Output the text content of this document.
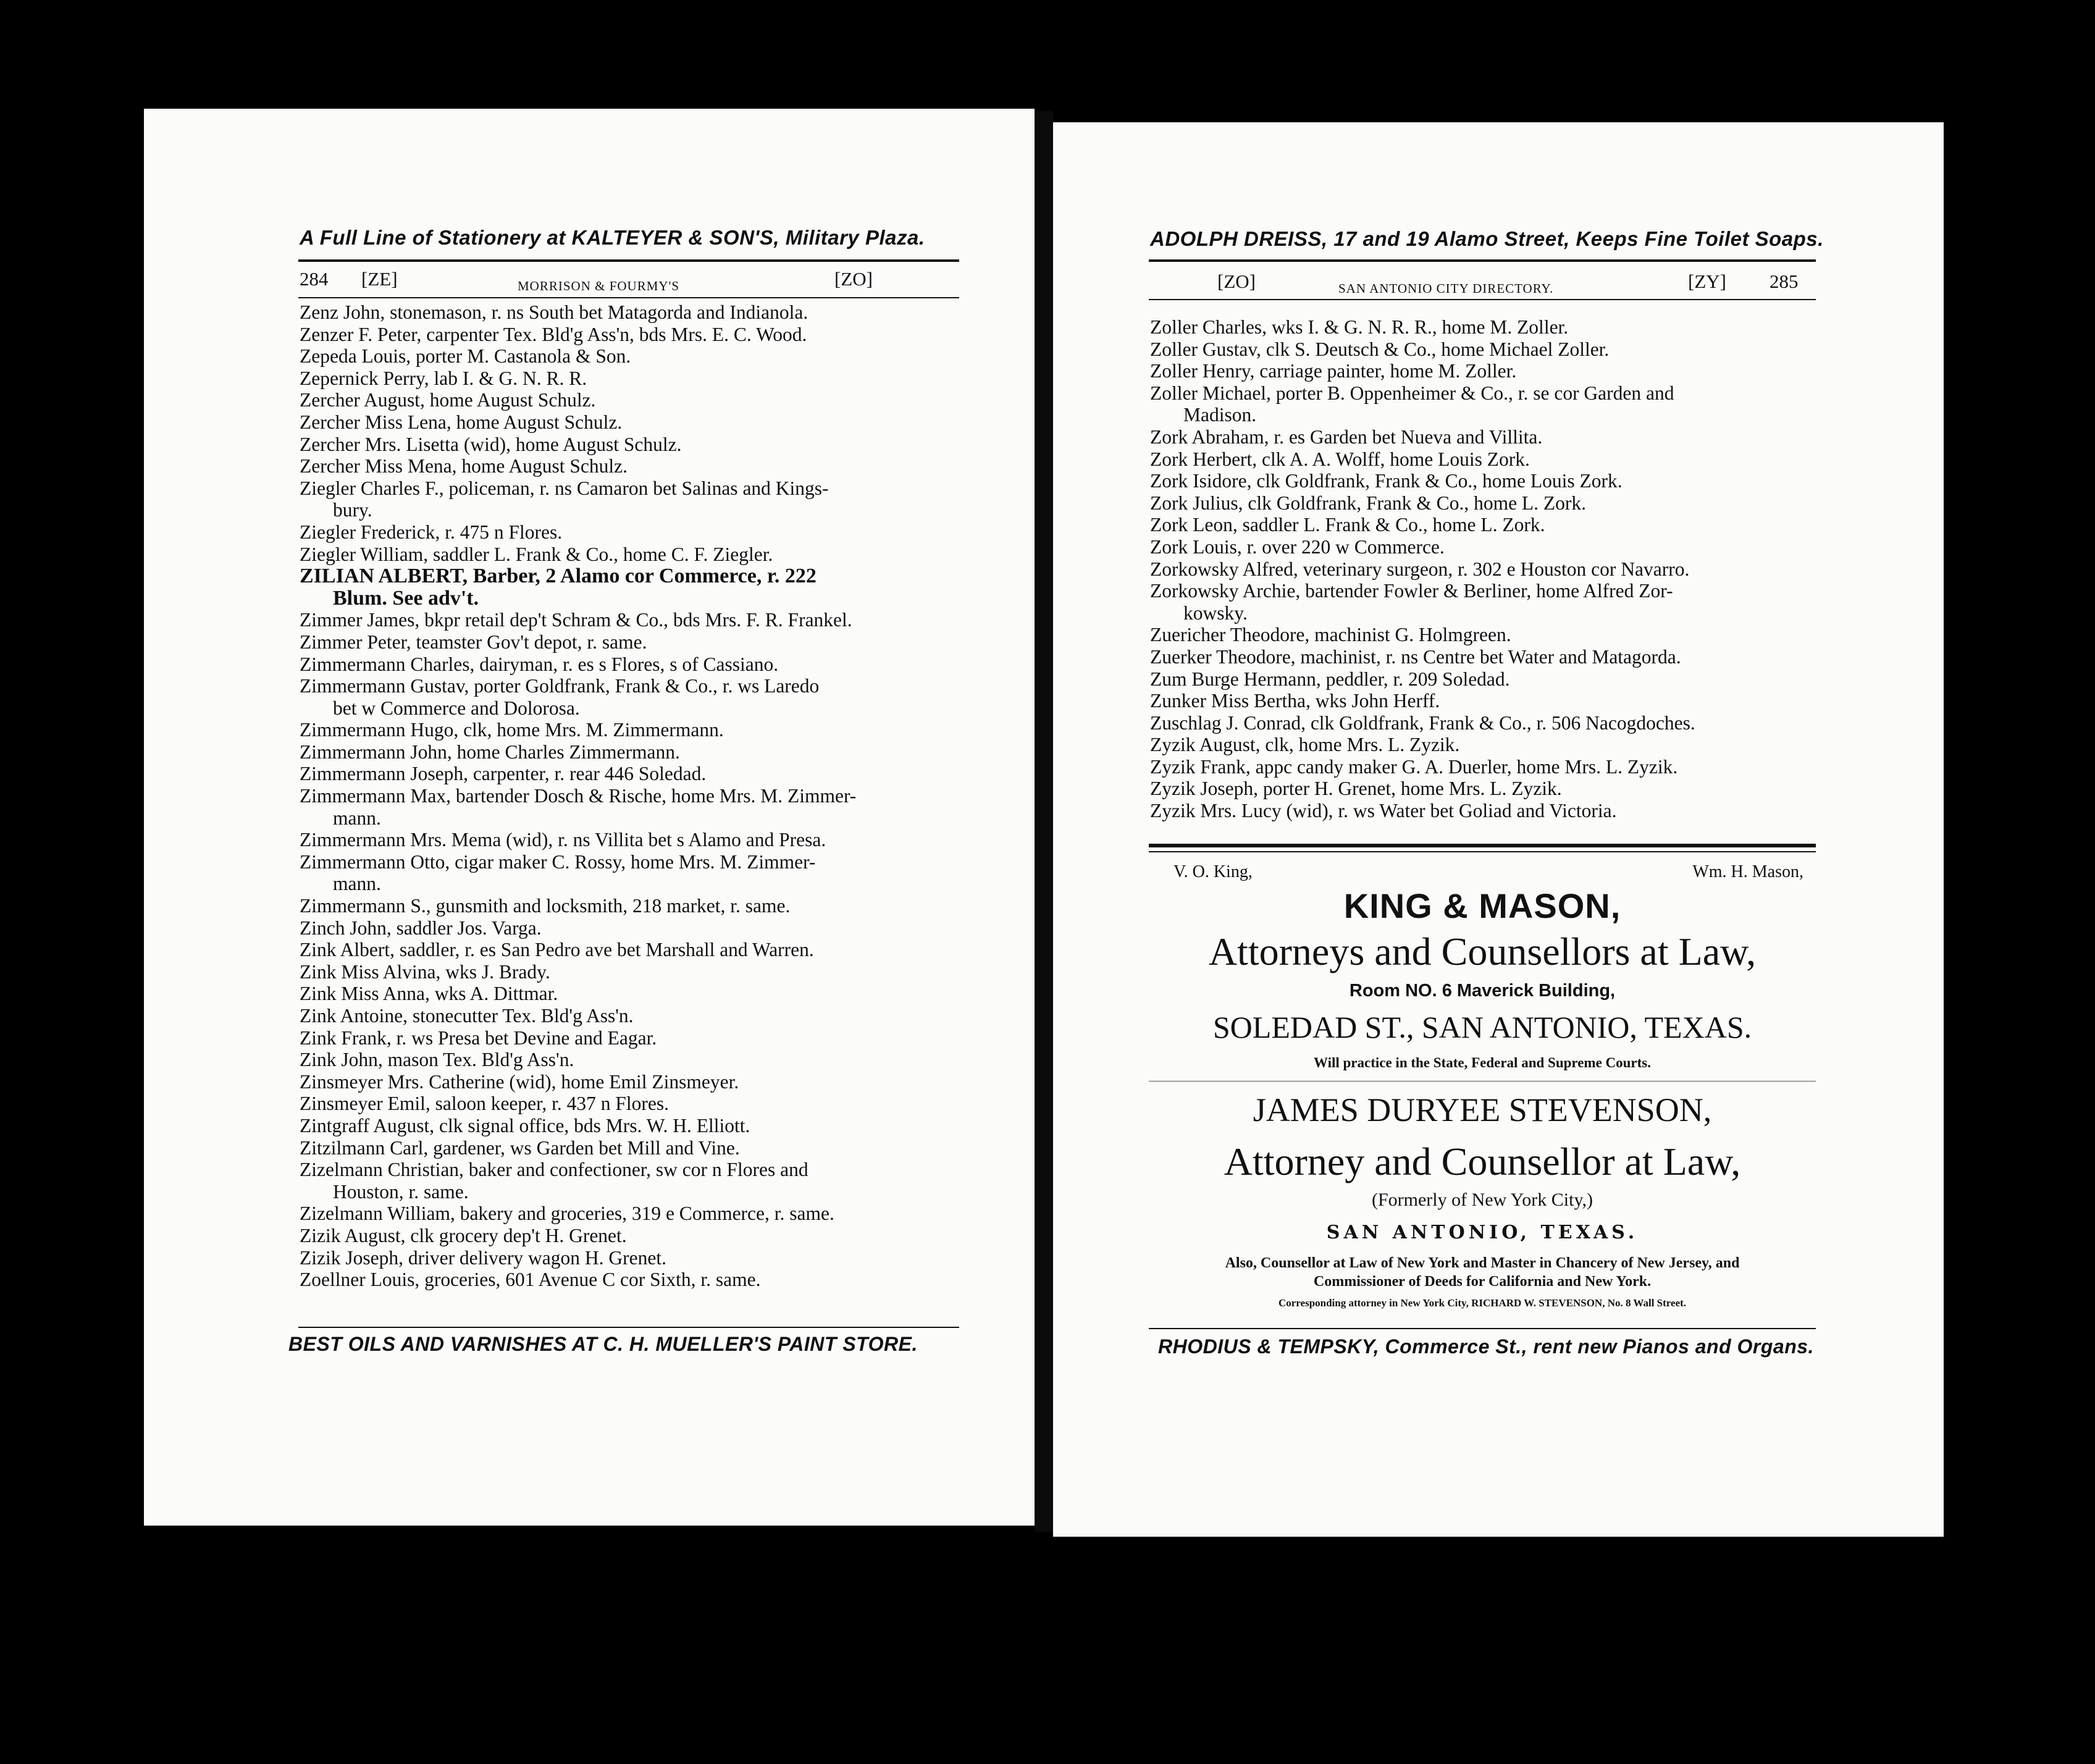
A Full Line of Stationery at KALTEYER & SON'S, Military Plaza.
284 [ZE]	MORRISON & FOURMY'S	[ZO]
Zenz John, stonemason, r. ns South bet Matagorda and Indianola.
Zenzer F. Peter, carpenter Tex. Bld'g Ass'n, bds Mrs. E. C. Wood.
Zepeda Louis, porter M. Castanola & Son.
Zepernick Perry, lab I. & G. N. R. R.
Zercher August, home August Schulz.
Zercher Miss Lena, home August Schulz.
Zercher Mrs. Lisetta (wid), home August Schulz.
Zercher Miss Mena, home August Schulz.
Ziegler Charles F., policeman, r. ns Camaron bet Salinas and Kings-
bury.
Ziegler Frederick, r. 475 n Flores.
Ziegler William, saddler L. Frank & Co., home C. F. Ziegler.
ZILIAN ALBERT, Barber, 2 Alamo cor Commerce, r. 222
Blum. See adv't.
Zimmer James, bkpr retail dep't Schram & Co., bds Mrs. F. R. Frankel.
Zimmer Peter, teamster Gov't depot, r. same.
Zimmermann Charles, dairyman, r. es s Flores, s of Cassiano.
Zimmermann Gustav, porter Goldfrank, Frank & Co., r. ws Laredo
bet w Commerce and Dolorosa.
Zimmermann Hugo, clk, home Mrs. M. Zimmermann.
Zimmermann John, home Charles Zimmermann.
Zimmermann Joseph, carpenter, r. rear 446 Soledad.
Zimmermann Max, bartender Dosch & Rische, home Mrs. M. Zimmer-
mann.
Zimmermann Mrs. Mema (wid), r. ns Villita bet s Alamo and Presa.
Zimmermann Otto, cigar maker C. Rossy, home Mrs. M. Zimmer-
mann.
Zimmermann S., gunsmith and locksmith, 218 market, r. same.
Zinch John, saddler Jos. Varga.
Zink Albert, saddler, r. es San Pedro ave bet Marshall and Warren.
Zink Miss Alvina, wks J. Brady.
Zink Miss Anna, wks A. Dittmar.
Zink Antoine, stonecutter Tex. Bld'g Ass'n.
Zink Frank, r. ws Presa bet Devine and Eagar.
Zink John, mason Tex. Bld'g Ass'n.
Zinsmeyer Mrs. Catherine (wid), home Emil Zinsmeyer.
Zinsmeyer Emil, saloon keeper, r. 437 n Flores.
Zintgraff August, clk signal office, bds Mrs. W. H. Elliott.
Zitzilmann Carl, gardener, ws Garden bet Mill and Vine.
Zizelmann Christian, baker and confectioner, sw cor n Flores and
Houston, r. same.
Zizelmann William, bakery and groceries, 319 e Commerce, r. same.
Zizik August, clk grocery dep't H. Grenet.
Zizik Joseph, driver delivery wagon H. Grenet.
Zoellner Louis, groceries, 601 Avenue C cor Sixth, r. same.
BEST OILS AND VARNISHES AT C. H. MUELLER'S PAINT STORE.
ADOLPH DREISS, 17 and 19 Alamo Street, Keeps Fine Toilet Soaps.
[ZO]	SAN ANTONIO CITY DIRECTORY.	[ZY] 285
Zoller Charles, wks I. & G. N. R. R., home M. Zoller.
Zoller Gustav, clk S. Deutsch & Co., home Michael Zoller.
Zoller Henry, carriage painter, home M. Zoller.
Zoller Michael, porter B. Oppenheimer & Co., r. se cor Garden and
Madison.
Zork Abraham, r. es Garden bet Nueva and Villita.
Zork Herbert, clk A. A. Wolff, home Louis Zork.
Zork Isidore, clk Goldfrank, Frank & Co., home Louis Zork.
Zork Julius, clk Goldfrank, Frank & Co., home L. Zork.
Zork Leon, saddler L. Frank & Co., home L. Zork.
Zork Louis, r. over 220 w Commerce.
Zorkowsky Alfred, veterinary surgeon, r. 302 e Houston cor Navarro.
Zorkowsky Archie, bartender Fowler & Berliner, home Alfred Zor-
kowsky.
Zuericher Theodore, machinist G. Holmgreen.
Zuerker Theodore, machinist, r. ns Centre bet Water and Matagorda.
Zum Burge Hermann, peddler, r. 209 Soledad.
Zunker Miss Bertha, wks John Herff.
Zuschlag J. Conrad, clk Goldfrank, Frank & Co., r. 506 Nacogdoches.
Zyzik August, clk, home Mrs. L. Zyzik.
Zyzik Frank, appc candy maker G. A. Duerler, home Mrs. L. Zyzik.
Zyzik Joseph, porter H. Grenet, home Mrs. L. Zyzik.
Zyzik Mrs. Lucy (wid), r. ws Water bet Goliad and Victoria.
V. O. King,	Wm. H. Mason,
KING & MASON,
Attorneys and Counsellors at Law,
Room NO. 6 Maverick Building,
SOLEDAD ST., SAN ANTONIO, TEXAS.
Will practice in the State, Federal and Supreme Courts.
JAMES DURYEE STEVENSON,
Attorney and Counsellor at Law,
(Formerly of New York City,)
SAN ANTONIO, TEXAS.
Also, Counsellor at Law of New York and Master in Chancery of New Jersey, and
Commissioner of Deeds for California and New York.
Corresponding attorney in New York City, RICHARD W. STEVENSON, No. 8 Wall Street.
RHODIUS & TEMPSKY, Commerce St., rent new Pianos and Organs.
